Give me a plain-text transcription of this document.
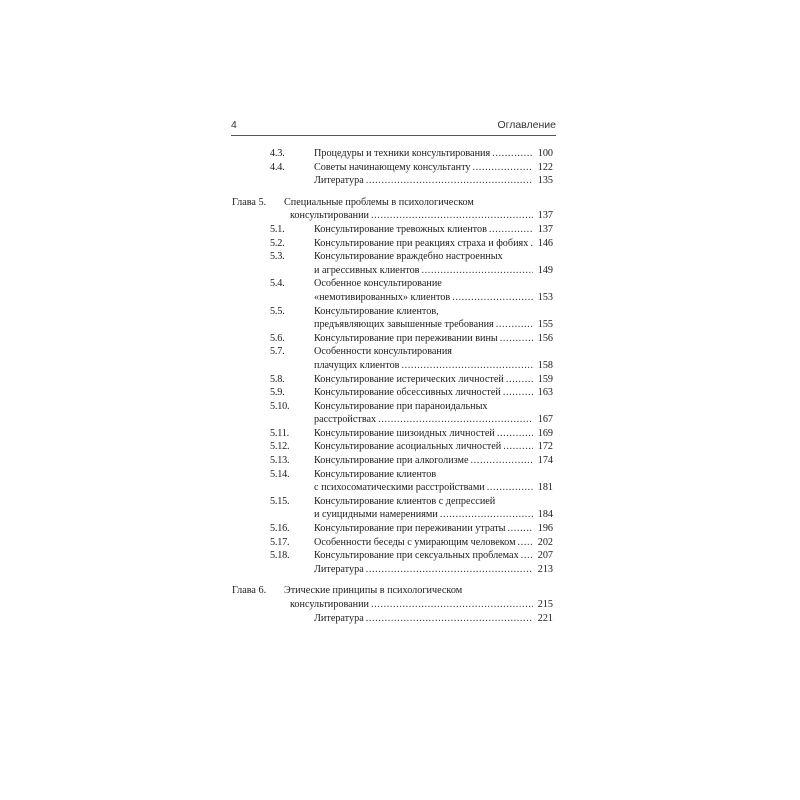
4	Оглавление
4.3.	Процедуры и техники консультирования .....	100
4.4.	Советы начинающему консультанту .....	122
Литература .....	135
Глава 5.	Специальные проблемы в психологическом
консультировании .....	137
5.1.	Консультирование тревожных клиентов .....	137
5.2.	Консультирование при реакциях страха и фобиях ..... 146
5.3.	Консультирование враждебно настроенных
и агрессивных клиентов .....	149
5.4.	Особенное консультирование
«немотивированных» клиентов .....	153
5.5.	Консультирование клиентов,
предъявляющих завышенные требования .....	155
5.6.	Консультирование при переживании вины .....	156
5.7.	Особенности консультирования
плачущих клиентов .....	158
5.8.	Консультирование истерических личностей .....	159
5.9.	Консультирование обсессивных личностей .....	163
5.10.	Консультирование при параноидальных
расстройствах .....	167
5.11.	Консультирование шизоидных личностей .....	169
5.12.	Консультирование асоциальных личностей .....	172
5.13.	Консультирование при алкоголизме .....	174
5.14.	Консультирование клиентов
с психосоматическими расстройствами .....	181
5.15.	Консультирование клиентов с депрессией
и суицидными намерениями .....	184
5.16.	Консультирование при переживании утраты .....	196
5.17.	Особенности беседы с умирающим человеком .....	202
5.18.	Консультирование при сексуальных проблемах .....	207
Литература .....	213
Глава 6.	Этические принципы в психологическом
консультировании .....	215
Литература .....	221
